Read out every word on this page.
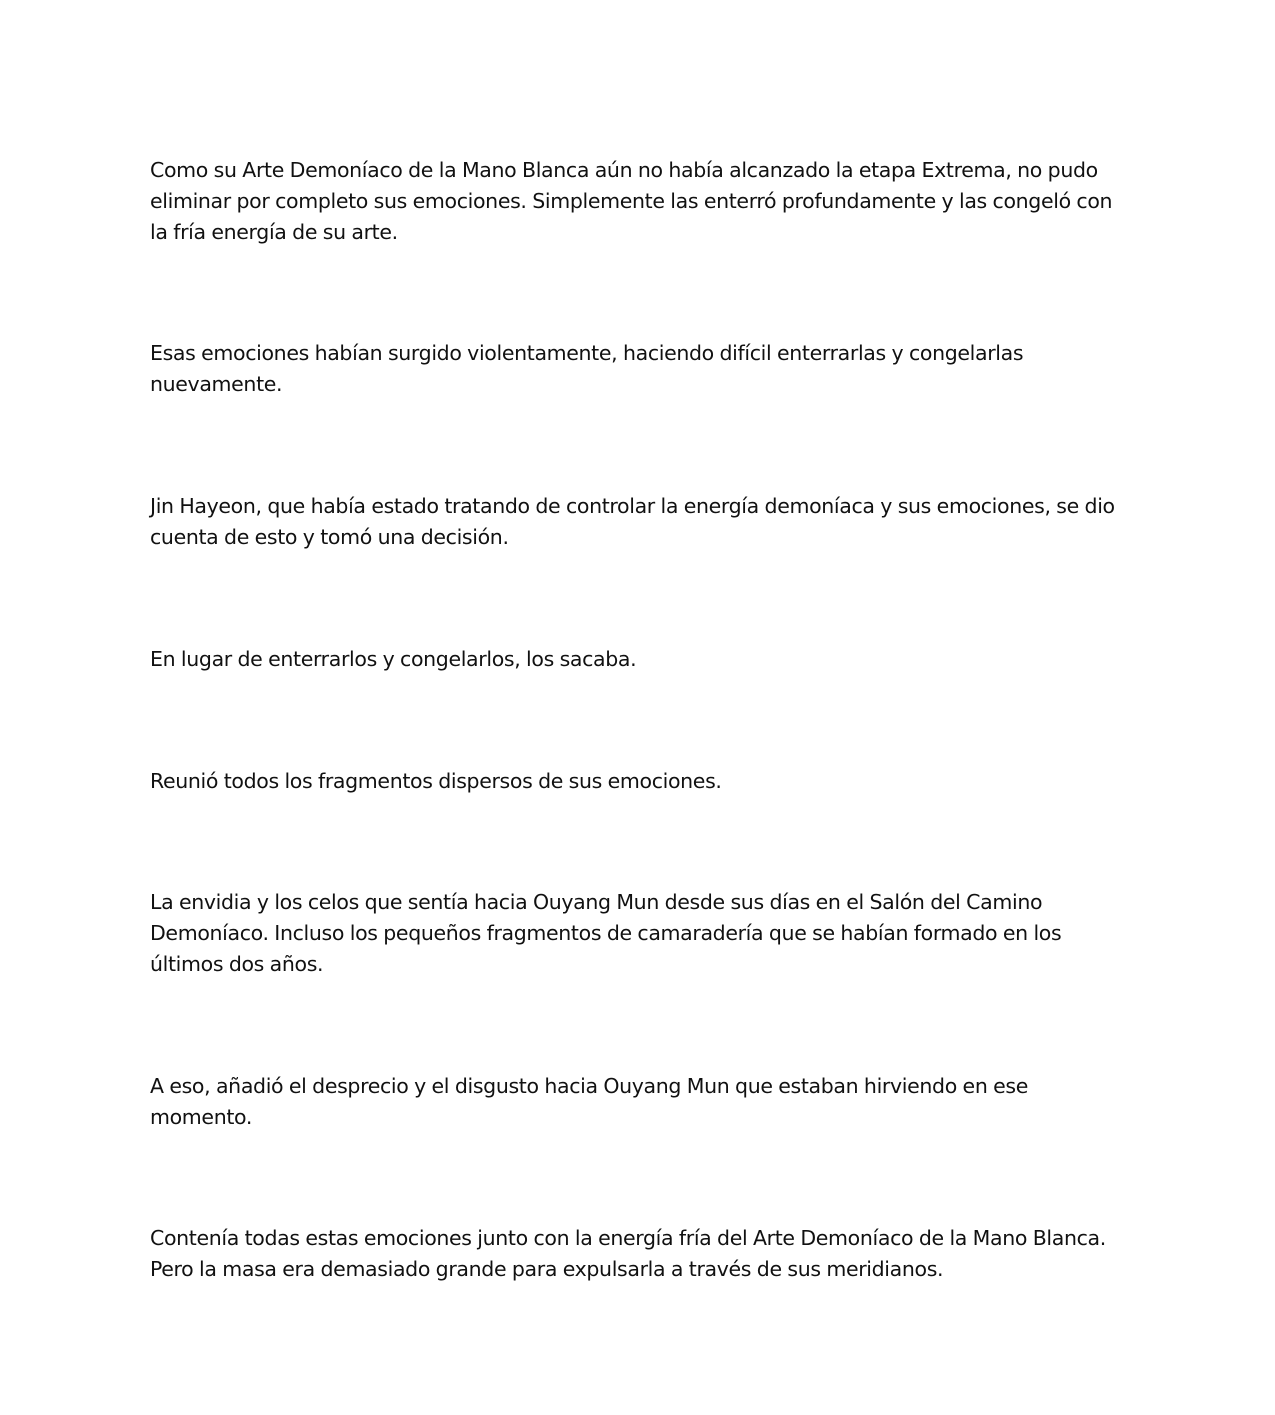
Como su Arte Demoníaco de la Mano Blanca aún no había alcanzado la etapa Extrema, no pudo eliminar por completo sus emociones. Simplemente las enterró profundamente y las congeló con la fría energía de su arte.

Esas emociones habían surgido violentamente, haciendo difícil enterrarlas y congelarlas nuevamente.

Jin Hayeon, que había estado tratando de controlar la energía demoníaca y sus emociones, se dio cuenta de esto y tomó una decisión.

En lugar de enterrarlos y congelarlos, los sacaba.

Reunió todos los fragmentos dispersos de sus emociones.

La envidia y los celos que sentía hacia Ouyang Mun desde sus días en el Salón del Camino Demoníaco. Incluso los pequeños fragmentos de camaradería que se habían formado en los últimos dos años.

A eso, añadió el desprecio y el disgusto hacia Ouyang Mun que estaban hirviendo en ese momento.

Contenía todas estas emociones junto con la energía fría del Arte Demoníaco de la Mano Blanca. Pero la masa era demasiado grande para expulsarla a través de sus meridianos.
